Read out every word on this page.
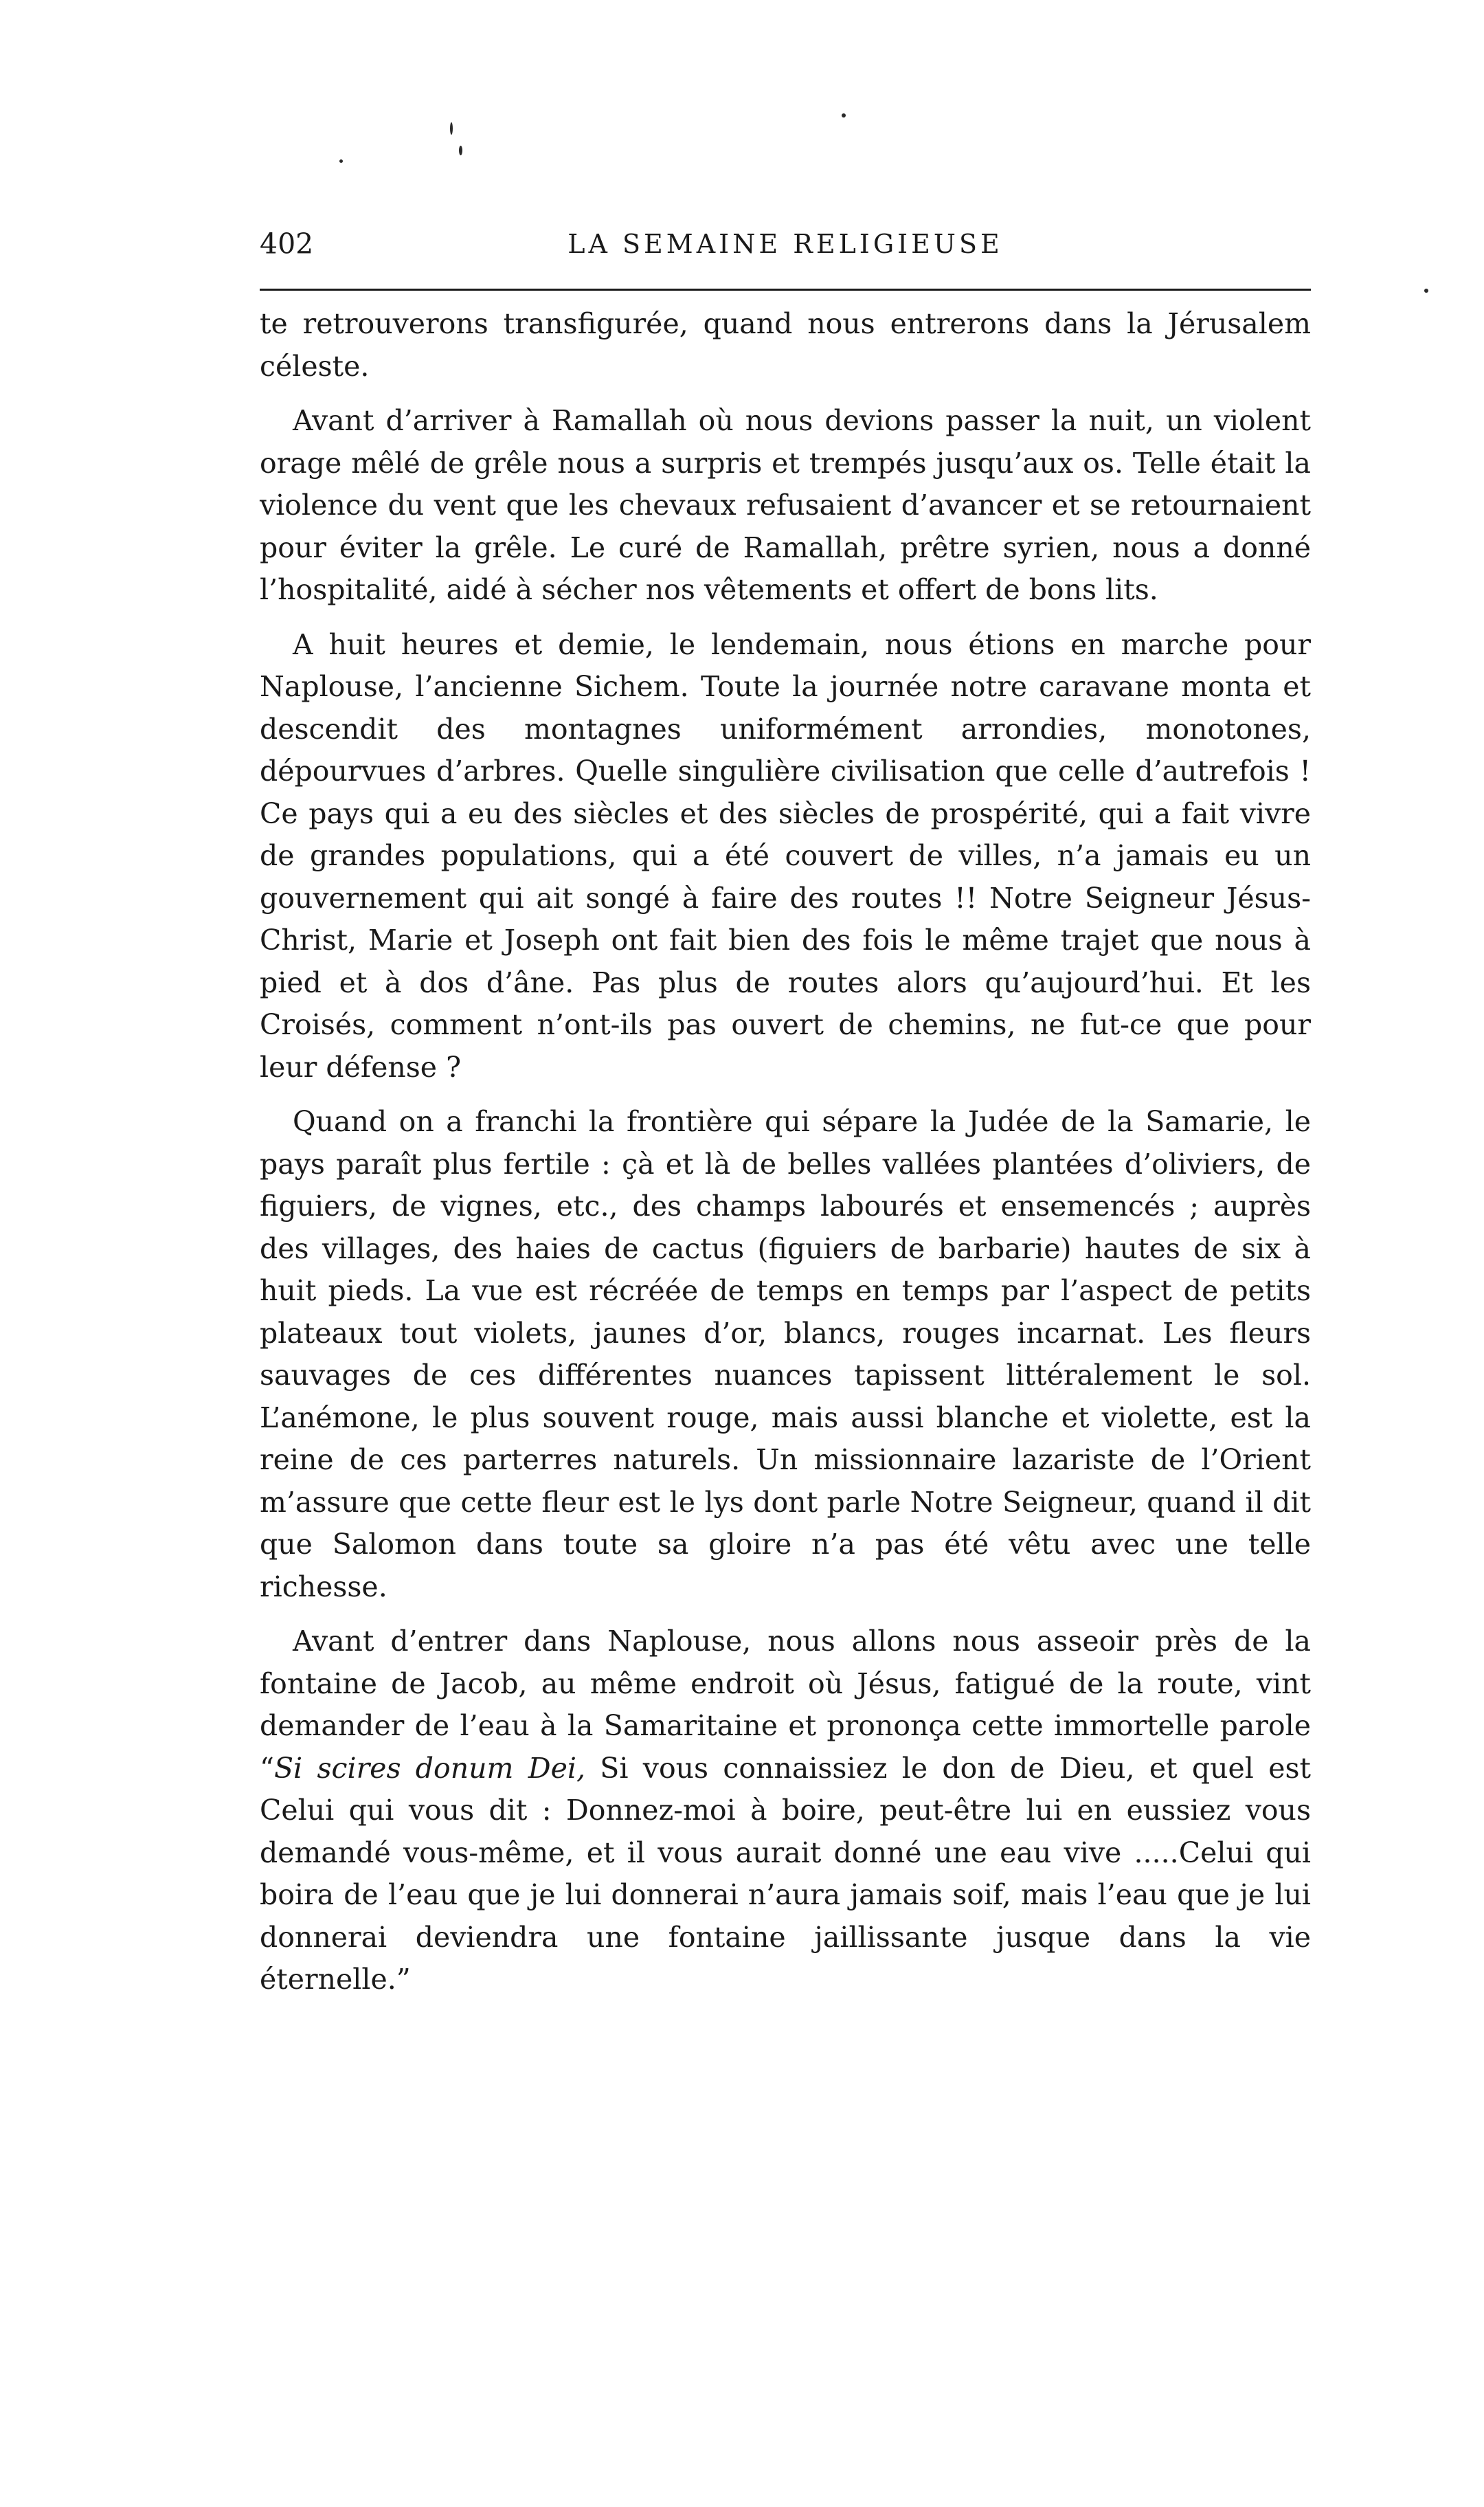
402	LA SEMAINE RELIGIEUSE

te retrouverons transfigurée, quand nous entrerons dans la Jérusalem céleste.

Avant d’arriver à Ramallah où nous devions passer la nuit, un violent orage mêlé de grêle nous a surpris et trempés jusqu’aux os. Telle était la violence du vent que les chevaux refusaient d’avancer et se retournaient pour éviter la grêle. Le curé de Ramallah, prêtre syrien, nous a donné l’hospitalité, aidé à sécher nos vêtements et offert de bons lits.

A huit heures et demie, le lendemain, nous étions en marche pour Naplouse, l’ancienne Sichem. Toute la journée notre caravane monta et descendit des montagnes uniformément arrondies, monotones, dépourvues d’arbres. Quelle singulière civilisation que celle d’autrefois ! Ce pays qui a eu des siècles et des siècles de prospérité, qui a fait vivre de grandes populations, qui a été couvert de villes, n’a jamais eu un gouvernement qui ait songé à faire des routes !! Notre Seigneur Jésus-Christ, Marie et Joseph ont fait bien des fois le même trajet que nous à pied et à dos d’âne. Pas plus de routes alors qu’aujourd’hui. Et les Croisés, comment n’ont-ils pas ouvert de chemins, ne fut-ce que pour leur défense ?

Quand on a franchi la frontière qui sépare la Judée de la Samarie, le pays paraît plus fertile : çà et là de belles vallées plantées d’oliviers, de figuiers, de vignes, etc., des champs labourés et ensemencés ; auprès des villages, des haies de cactus (figuiers de barbarie) hautes de six à huit pieds. La vue est récréée de temps en temps par l’aspect de petits plateaux tout violets, jaunes d’or, blancs, rouges incarnat. Les fleurs sauvages de ces différentes nuances tapissent littéralement le sol. L’anémone, le plus souvent rouge, mais aussi blanche et violette, est la reine de ces parterres naturels. Un missionnaire lazariste de l’Orient m’assure que cette fleur est le lys dont parle Notre Seigneur, quand il dit que Salomon dans toute sa gloire n’a pas été vêtu avec une telle richesse.

Avant d’entrer dans Naplouse, nous allons nous asseoir près de la fontaine de Jacob, au même endroit où Jésus, fatigué de la route, vint demander de l’eau à la Samaritaine et prononça cette immortelle parole “Si scires donum Dei, Si vous connaissiez le don de Dieu, et quel est Celui qui vous dit : Donnez-moi à boire, peut-être lui en eussiez vous demandé vous-même, et il vous aurait donné une eau vive .....Celui qui boira de l’eau que je lui donnerai n’aura jamais soif, mais l’eau que je lui donnerai deviendra une fontaine jaillissante jusque dans la vie éternelle.”
